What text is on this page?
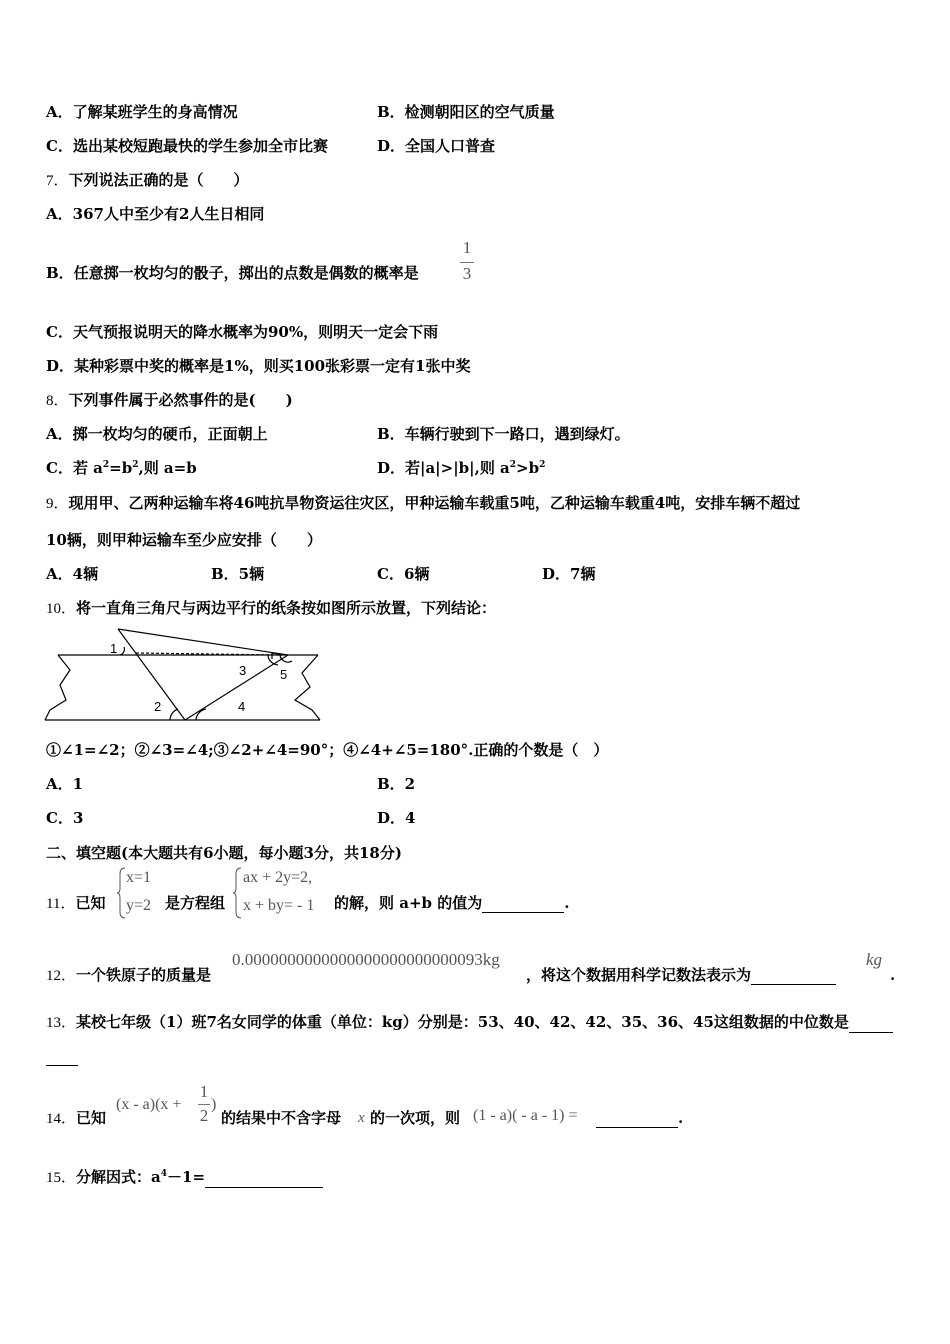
A．了解某班学生的身高情况	B．检测朝阳区的空气质量
C．选出某校短跑最快的学生参加全市比赛	D．全国人口普查
7．下列说法正确的是（　　）
A．367人中至少有2人生日相同
B．任意掷一枚均匀的骰子，掷出的点数是偶数的概率是
1
3
C．天气预报说明天的降水概率为90%，则明天一定会下雨
D．某种彩票中奖的概率是1%，则买100张彩票一定有1张中奖
8．下列事件属于必然事件的是(　　)
A．掷一枚均匀的硬币，正面朝上	B．车辆行驶到下一路口，遇到绿灯。
C．若 $a^2=b^2$,则 a=b	D．若|a|>|b|,则 $a^2>b^2$
9．现用甲、乙两种运输车将46吨抗旱物资运往灾区，甲种运输车载重5吨，乙种运输车载重4吨，安排车辆不超过
10辆，则甲种运输车至少应安排（　　）
A．4辆	B．5辆	C．6辆	D．7辆
10．将一直角三角尺与两边平行的纸条按如图所示放置，下列结论：
1
2
3
4
5
①∠1=∠2；②∠3=∠4;③∠2+∠4=90°；④∠4+∠5=180°.正确的个数是（　）
A．1	B．2
C．3	D．4
二、填空题(本大题共有6小题，每小题3分，共18分)
11．已知
x=1
y=2 是方程组
ax + 2y=2,
x + by= - 1 的解，则 a+b 的值为	.
12．一个铁原子的质量是
0.0000000000000000000000000093kg
，将这个数据用科学记数法表示为
kg
.
13．某校七年级（1）班7名女同学的体重（单位：kg）分别是：53、40、42、42、35、36、45这组数据的中位数是
14．已知
(x - a)(x +
1
2
)
的结果中不含字母 x 的一次项，则 (1 - a)( - a - 1) =	.
15．分解因式：$a^4-1=$
